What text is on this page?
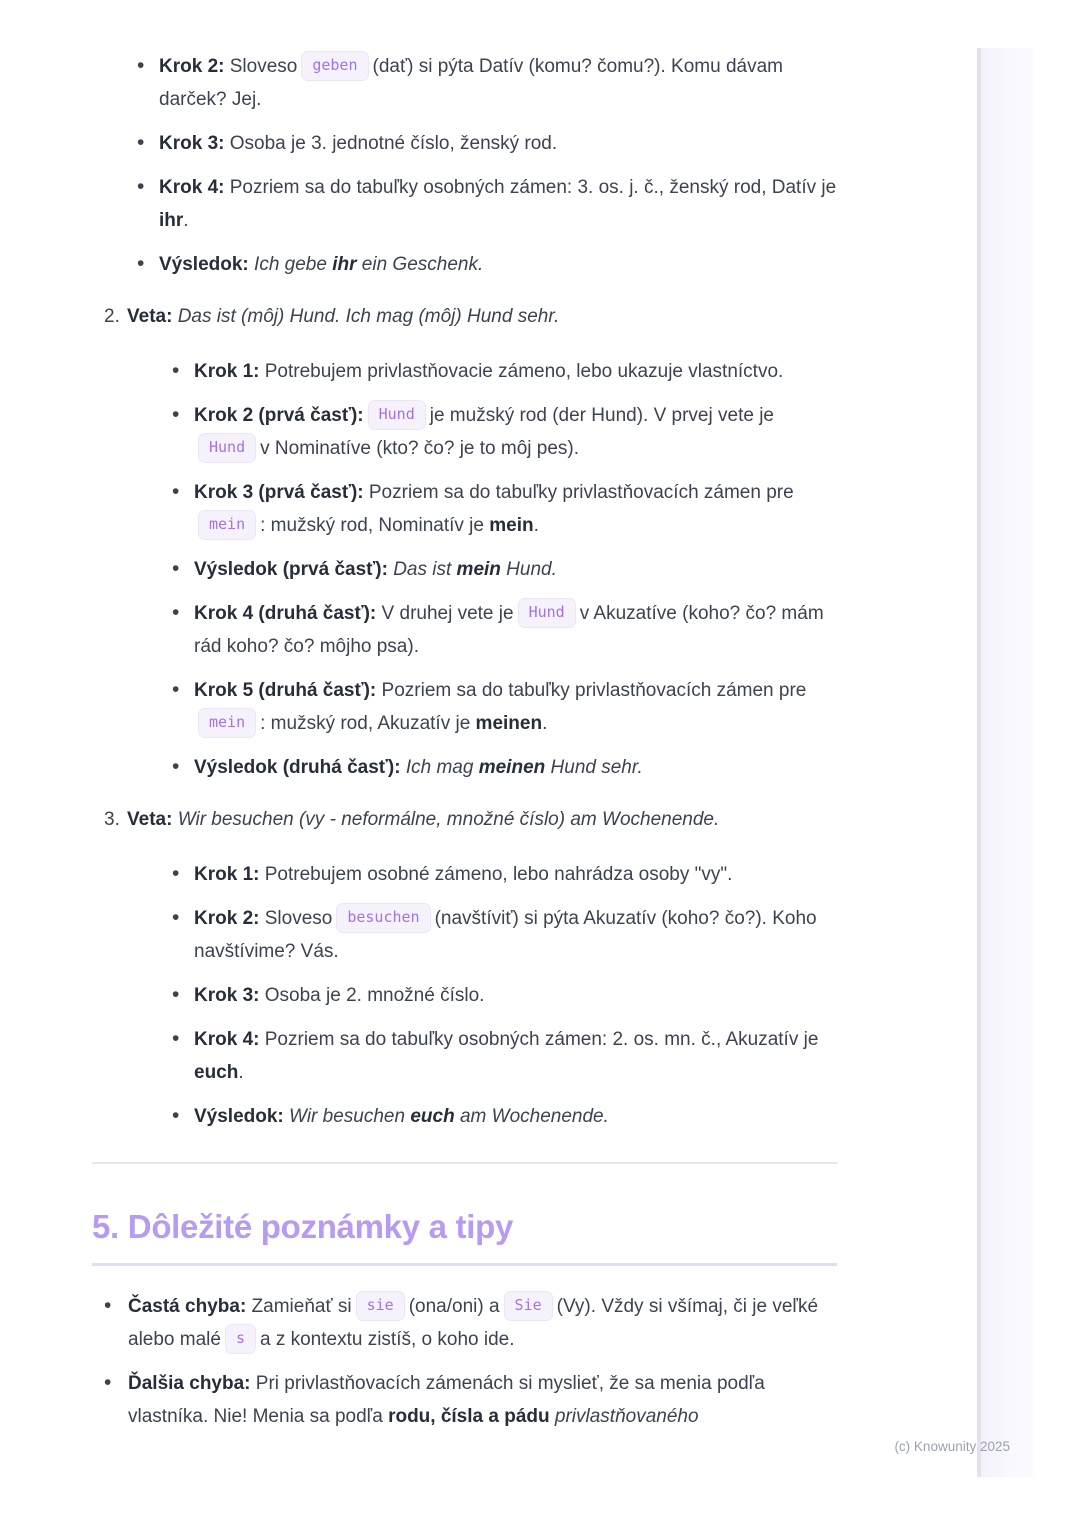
• Krok 2: Sloveso geben (dať) si pýta Datív (komu? čomu?). Komu dávam darček? Jej.
• Krok 3: Osoba je 3. jednotné číslo, ženský rod.
• Krok 4: Pozriem sa do tabuľky osobných zámen: 3. os. j. č., ženský rod, Datív je ihr.
• Výsledok: Ich gebe ihr ein Geschenk.
2. Veta: Das ist (môj) Hund. Ich mag (môj) Hund sehr.
• Krok 1: Potrebujem privlastňovacie zámeno, lebo ukazuje vlastníctvo.
• Krok 2 (prvá časť): Hund je mužský rod (der Hund). V prvej vete jeHund v Nominatíve (kto? čo? je to môj pes).
• Krok 3 (prvá časť): Pozriem sa do tabuľky privlastňovacích zámen premein : mužský rod, Nominatív je mein.
• Výsledok (prvá časť): Das ist mein Hund.
• Krok 4 (druhá časť): V druhej vete je Hund v Akuzatíve (koho? čo? mám rád koho? čo? môjho psa).
• Krok 5 (druhá časť): Pozriem sa do tabuľky privlastňovacích zámen premein : mužský rod, Akuzatív je meinen.
• Výsledok (druhá časť): Ich mag meinen Hund sehr.
3. Veta: Wir besuchen (vy - neformálne, množné číslo) am Wochenende.
• Krok 1: Potrebujem osobné zámeno, lebo nahrádza osoby "vy".
• Krok 2: Sloveso besuchen (navštíviť) si pýta Akuzatív (koho? čo?). Koho navštívime? Vás.
• Krok 3: Osoba je 2. množné číslo.
• Krok 4: Pozriem sa do tabuľky osobných zámen: 2. os. mn. č., Akuzatív je euch.
• Výsledok: Wir besuchen euch am Wochenende.
5. Dôležité poznámky a tipy
• Častá chyba: Zamieňať si sie (ona/oni) a Sie (Vy). Vždy si všímaj, či je veľké alebo malé s a z kontextu zistíš, o koho ide.
• Ďalšia chyba: Pri privlastňovacích zámenách si myslieť, že sa menia podľa vlastníka. Nie! Menia sa podľa rodu, čísla a pádu privlastňovaného
(c) Knowunity 2025
